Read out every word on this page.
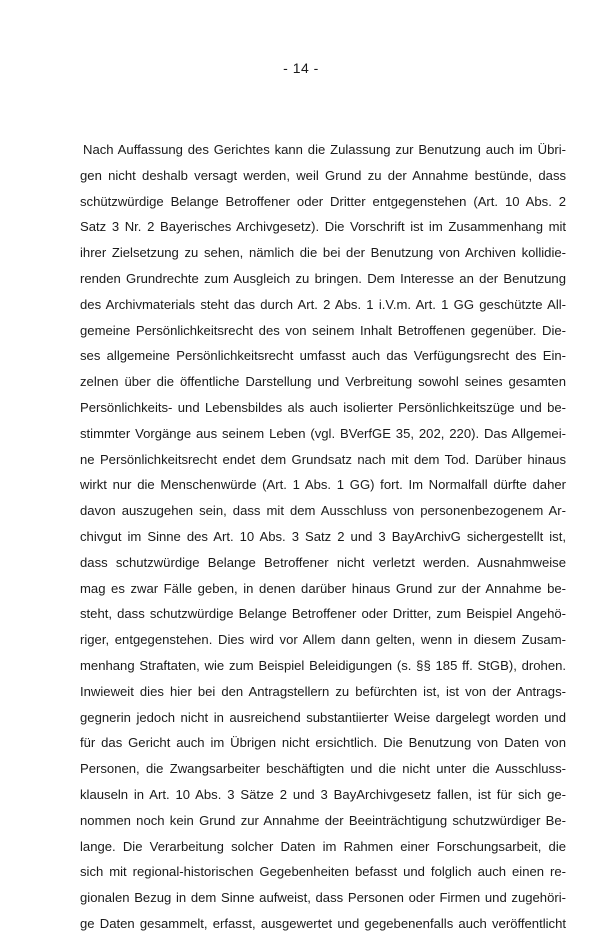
- 14 -
Nach Auffassung des Gerichtes kann die Zulassung zur Benutzung auch im Übri-
gen nicht deshalb versagt werden, weil Grund zu der Annahme bestünde, dass
schützwürdige Belange Betroffener oder Dritter entgegenstehen (Art. 10 Abs. 2
Satz 3 Nr. 2 Bayerisches Archivgesetz). Die Vorschrift ist im Zusammenhang mit
ihrer Zielsetzung zu sehen, nämlich die bei der Benutzung von Archiven kollidie-
renden Grundrechte zum Ausgleich zu bringen. Dem Interesse an der Benutzung
des Archivmaterials steht das durch Art. 2 Abs. 1 i.V.m. Art. 1 GG geschützte All-
gemeine Persönlichkeitsrecht des von seinem Inhalt Betroffenen gegenüber. Die-
ses allgemeine Persönlichkeitsrecht umfasst auch das Verfügungsrecht des Ein-
zelnen über die öffentliche Darstellung und Verbreitung sowohl seines gesamten
Persönlichkeits- und Lebensbildes als auch isolierter Persönlichkeitszüge und be-
stimmter Vorgänge aus seinem Leben (vgl. BVerfGE 35, 202, 220). Das Allgemei-
ne Persönlichkeitsrecht endet dem Grundsatz nach mit dem Tod. Darüber hinaus
wirkt nur die Menschenwürde (Art. 1 Abs. 1 GG) fort. Im Normalfall dürfte daher
davon auszugehen sein, dass mit dem Ausschluss von personenbezogenem Ar-
chivgut im Sinne des Art. 10 Abs. 3 Satz 2 und 3 BayArchivG sichergestellt ist,
dass schutzwürdige Belange Betroffener nicht verletzt werden. Ausnahmweise
mag es zwar Fälle geben, in denen darüber hinaus Grund zur der Annahme be-
steht, dass schutzwürdige Belange Betroffener oder Dritter, zum Beispiel Angehö-
riger, entgegenstehen. Dies wird vor Allem dann gelten, wenn in diesem Zusam-
menhang Straftaten, wie zum Beispiel Beleidigungen (s. §§ 185 ff. StGB), drohen.
Inwieweit dies hier bei den Antragstellern zu befürchten ist, ist von der Antrags-
gegnerin jedoch nicht in ausreichend substantiierter Weise dargelegt worden und
für das Gericht auch im Übrigen nicht ersichtlich. Die Benutzung von Daten von
Personen, die Zwangsarbeiter beschäftigten und die nicht unter die Ausschluss-
klauseln in Art. 10 Abs. 3 Sätze 2 und 3 BayArchivgesetz fallen, ist für sich ge-
nommen noch kein Grund zur Annahme der Beeinträchtigung schutzwürdiger Be-
lange. Die Verarbeitung solcher Daten im Rahmen einer Forschungsarbeit, die
sich mit regional-historischen Gegebenheiten befasst und folglich auch einen re-
gionalen Bezug in dem Sinne aufweist, dass Personen oder Firmen und zugehöri-
ge Daten gesammelt, erfasst, ausgewertet und gegebenenfalls auch veröffentlicht
